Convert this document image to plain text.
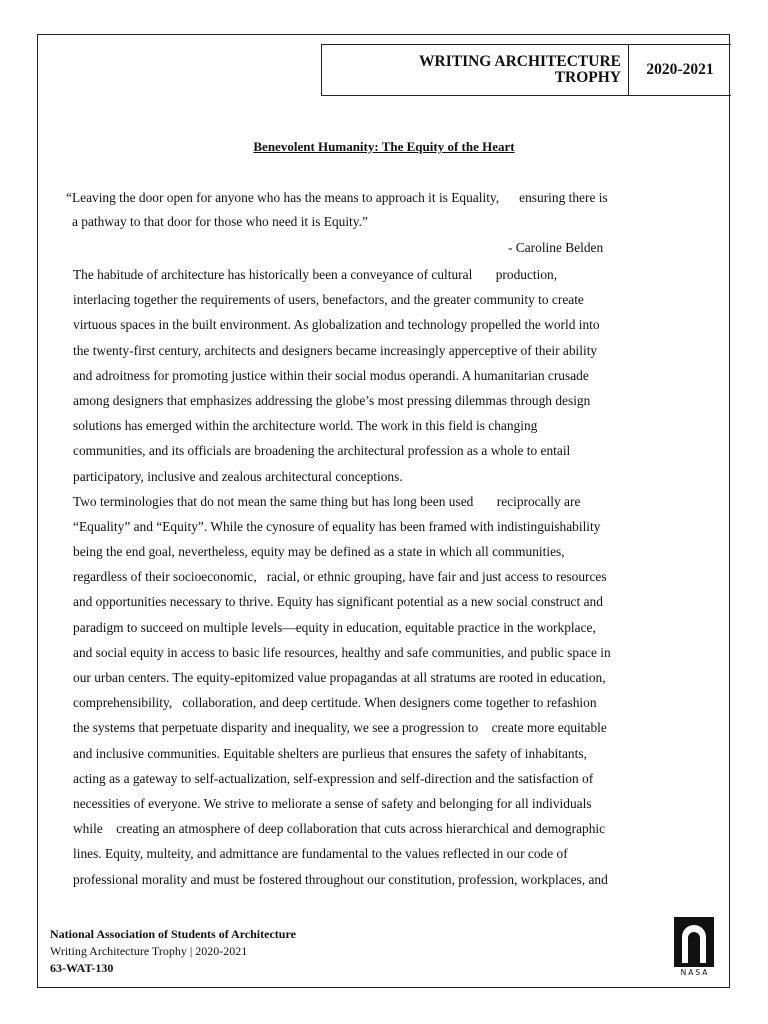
WRITING ARCHITECTURE
TROPHY	2020-2021
Benevolent Humanity: The Equity of the Heart
“Leaving the door open for anyone who has the means to approach it is Equality,      ensuring there is
a pathway to that door for those who need it is Equity.”
- Caroline Belden
The habitude of architecture has historically been a conveyance of cultural       production,
interlacing together the requirements of users, benefactors, and the greater community to create
virtuous spaces in the built environment. As globalization and technology propelled the world into
the twenty-first century, architects and designers became increasingly apperceptive of their ability
and adroitness for promoting justice within their social modus operandi. A humanitarian crusade
among designers that emphasizes addressing the globe’s most pressing dilemmas through design
solutions has emerged within the architecture world. The work in this field is changing
communities, and its officials are broadening the architectural profession as a whole to entail
participatory, inclusive and zealous architectural conceptions.
Two terminologies that do not mean the same thing but has long been used       reciprocally are
“Equality” and “Equity”. While the cynosure of equality has been framed with indistinguishability
being the end goal, nevertheless, equity may be defined as a state in which all communities,
regardless of their socioeconomic,   racial, or ethnic grouping, have fair and just access to resources
and opportunities necessary to thrive. Equity has significant potential as a new social construct and
paradigm to succeed on multiple levels—equity in education, equitable practice in the workplace,
and social equity in access to basic life resources, healthy and safe communities, and public space in
our urban centers. The equity-epitomized value propagandas at all stratums are rooted in education,
comprehensibility,   collaboration, and deep certitude. When designers come together to refashion
the systems that perpetuate disparity and inequality, we see a progression to    create more equitable
and inclusive communities. Equitable shelters are purlieus that ensures the safety of inhabitants,
acting as a gateway to self-actualization, self-expression and self-direction and the satisfaction of
necessities of everyone. We strive to meliorate a sense of safety and belonging for all individuals
while    creating an atmosphere of deep collaboration that cuts across hierarchical and demographic
lines. Equity, multeity, and admittance are fundamental to the values reflected in our code of
professional morality and must be fostered throughout our constitution, profession, workplaces, and
National Association of Students of Architecture
Writing Architecture Trophy | 2020-2021
63-WAT-130	NASA
